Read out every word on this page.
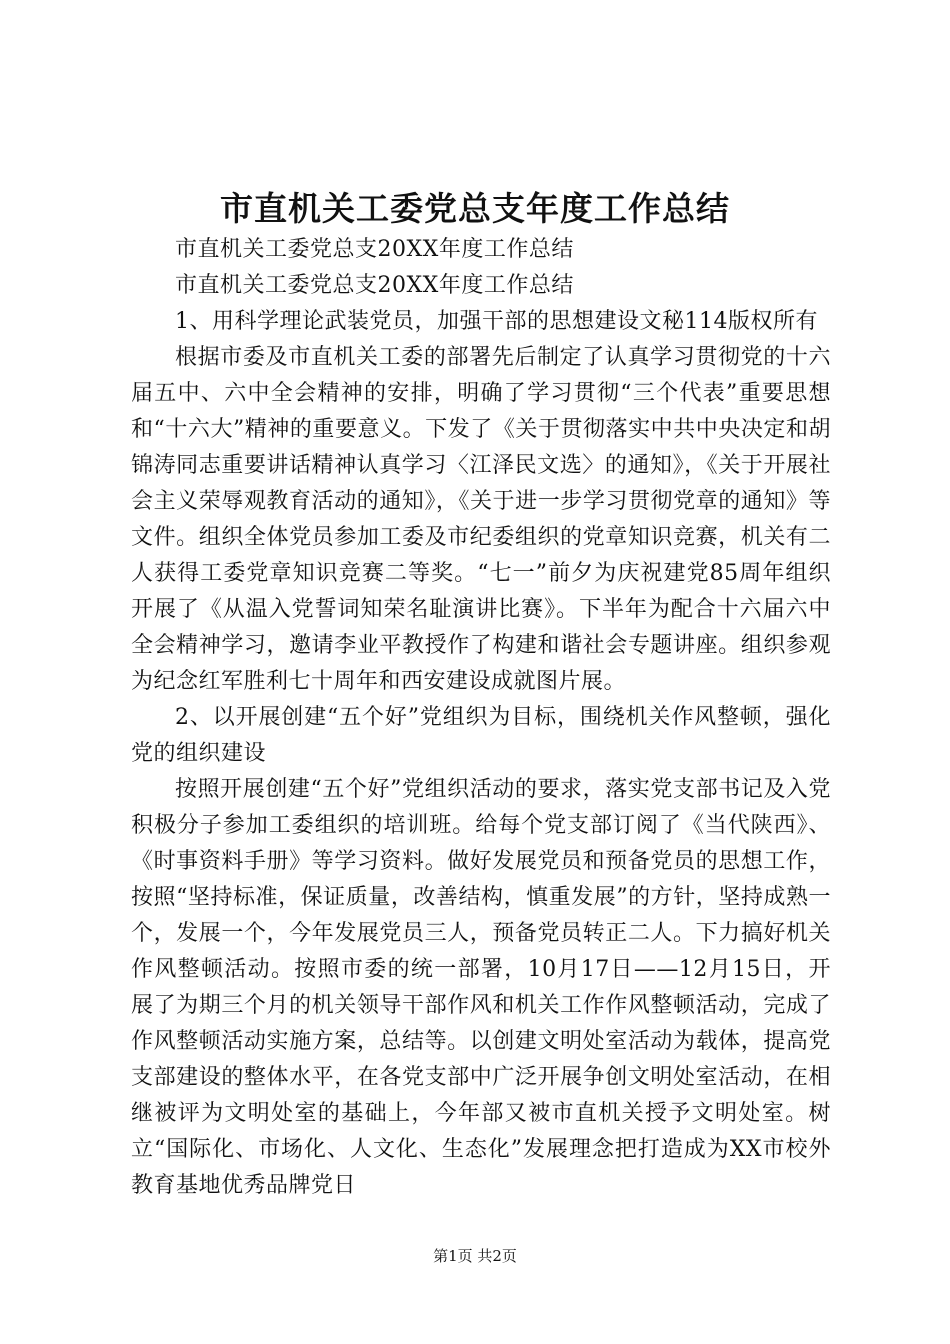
市直机关工委党总支年度工作总结

市直机关工委党总支20XX年度工作总结

市直机关工委党总支20XX年度工作总结

1、用科学理论武装党员，加强干部的思想建设文秘114版权所有

根据市委及市直机关工委的部署先后制定了认真学习贯彻党的十六届五中、六中全会精神的安排，明确了学习贯彻“三个代表”重要思想和“十六大”精神的重要意义。下发了《关于贯彻落实中共中央决定和胡锦涛同志重要讲话精神认真学习〈江泽民文选〉的通知》，《关于开展社会主义荣辱观教育活动的通知》，《关于进一步学习贯彻党章的通知》等文件。组织全体党员参加工委及市纪委组织的党章知识竞赛，机关有二人获得工委党章知识竞赛二等奖。“七一”前夕为庆祝建党85周年组织开展了《从温入党誓词知荣名耻演讲比赛》。下半年为配合十六届六中全会精神学习，邀请李业平教授作了构建和谐社会专题讲座。组织参观为纪念红军胜利七十周年和西安建设成就图片展。

2、以开展创建“五个好”党组织为目标，围绕机关作风整顿，强化党的组织建设

按照开展创建“五个好”党组织活动的要求，落实党支部书记及入党积极分子参加工委组织的培训班。给每个党支部订阅了《当代陕西》、《时事资料手册》等学习资料。做好发展党员和预备党员的思想工作，按照“坚持标准，保证质量，改善结构，慎重发展”的方针，坚持成熟一个，发展一个，今年发展党员三人，预备党员转正二人。下力搞好机关作风整顿活动。按照市委的统一部署，10月17日——12月15日，开展了为期三个月的机关领导干部作风和机关工作作风整顿活动，完成了作风整顿活动实施方案，总结等。以创建文明处室活动为载体，提高党支部建设的整体水平，在各党支部中广泛开展争创文明处室活动，在相继被评为文明处室的基础上，今年部又被市直机关授予文明处室。树立“国际化、市场化、人文化、生态化”发展理念把打造成为XX市校外教育基地优秀品牌党日

第1页 共2页
